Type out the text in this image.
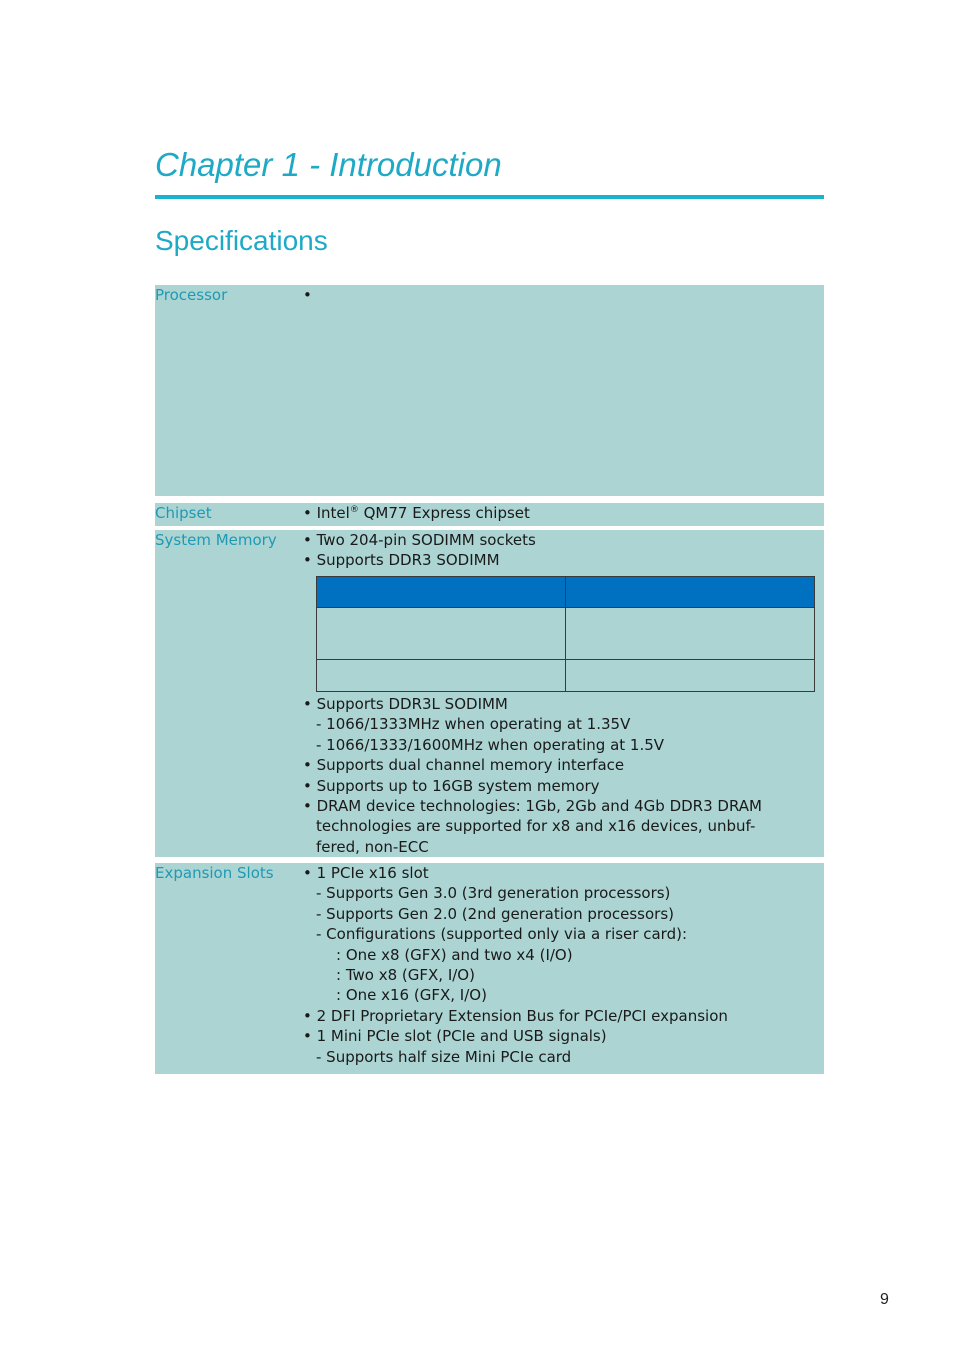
Chapter 1 - Introduction
Specifications
Processor	•
Chipset	• Intel® QM77 Express chipset
System Memory • Two 204-pin SODIMM sockets
• Supports DDR3 SODIMM

• Supports DDR3L SODIMM
- 1066/1333MHz when operating at 1.35V
- 1066/1333/1600MHz when operating at 1.5V
• Supports dual channel memory interface
• Supports up to 16GB system memory
• DRAM device technologies: 1Gb, 2Gb and 4Gb DDR3 DRAM
technologies are supported for x8 and x16 devices, unbuf-
fered, non-ECC
Expansion Slots • 1 PCIe x16 slot
- Supports Gen 3.0 (3rd generation processors)
- Supports Gen 2.0 (2nd generation processors)
- Configurations (supported only via a riser card):
: One x8 (GFX) and two x4 (I/O)
: Two x8 (GFX, I/O)
: One x16 (GFX, I/O)
• 2 DFI Proprietary Extension Bus for PCIe/PCI expansion
• 1 Mini PCIe slot (PCIe and USB signals)
- Supports half size Mini PCIe card
9
